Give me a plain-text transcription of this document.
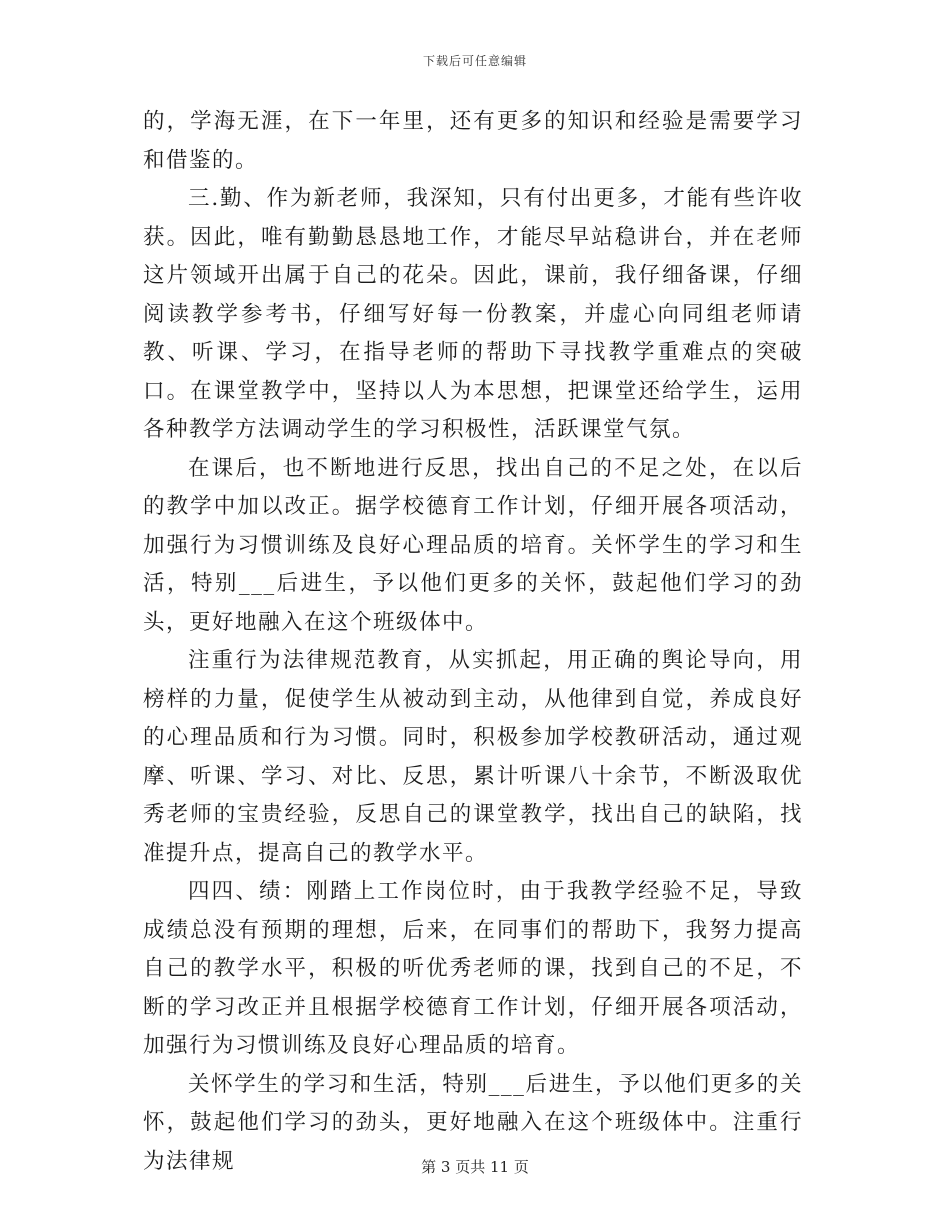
下载后可任意编辑

的，学海无涯，在下一年里，还有更多的知识和经验是需要学习和借鉴的。

三.勤、作为新老师，我深知，只有付出更多，才能有些许收获。因此，唯有勤勤恳恳地工作，才能尽早站稳讲台，并在老师这片领域开出属于自己的花朵。因此，课前，我仔细备课，仔细阅读教学参考书，仔细写好每一份教案，并虚心向同组老师请教、听课、学习，在指导老师的帮助下寻找教学重难点的突破口。在课堂教学中，坚持以人为本思想，把课堂还给学生，运用各种教学方法调动学生的学习积极性，活跃课堂气氛。

在课后，也不断地进行反思，找出自己的不足之处，在以后的教学中加以改正。据学校德育工作计划，仔细开展各项活动，加强行为习惯训练及良好心理品质的培育。关怀学生的学习和生活，特别___后进生，予以他们更多的关怀，鼓起他们学习的劲头，更好地融入在这个班级体中。

注重行为法律规范教育，从实抓起，用正确的舆论导向，用榜样的力量，促使学生从被动到主动，从他律到自觉，养成良好的心理品质和行为习惯。同时，积极参加学校教研活动，通过观摩、听课、学习、对比、反思，累计听课八十余节，不断汲取优秀老师的宝贵经验，反思自己的课堂教学，找出自己的缺陷，找准提升点，提高自己的教学水平。

四四、绩：刚踏上工作岗位时，由于我教学经验不足，导致成绩总没有预期的理想，后来，在同事们的帮助下，我努力提高自己的教学水平，积极的听优秀老师的课，找到自己的不足，不断的学习改正并且根据学校德育工作计划，仔细开展各项活动，加强行为习惯训练及良好心理品质的培育。

关怀学生的学习和生活，特别___后进生，予以他们更多的关怀，鼓起他们学习的劲头，更好地融入在这个班级体中。注重行为法律规	第 3 页共 11 页
